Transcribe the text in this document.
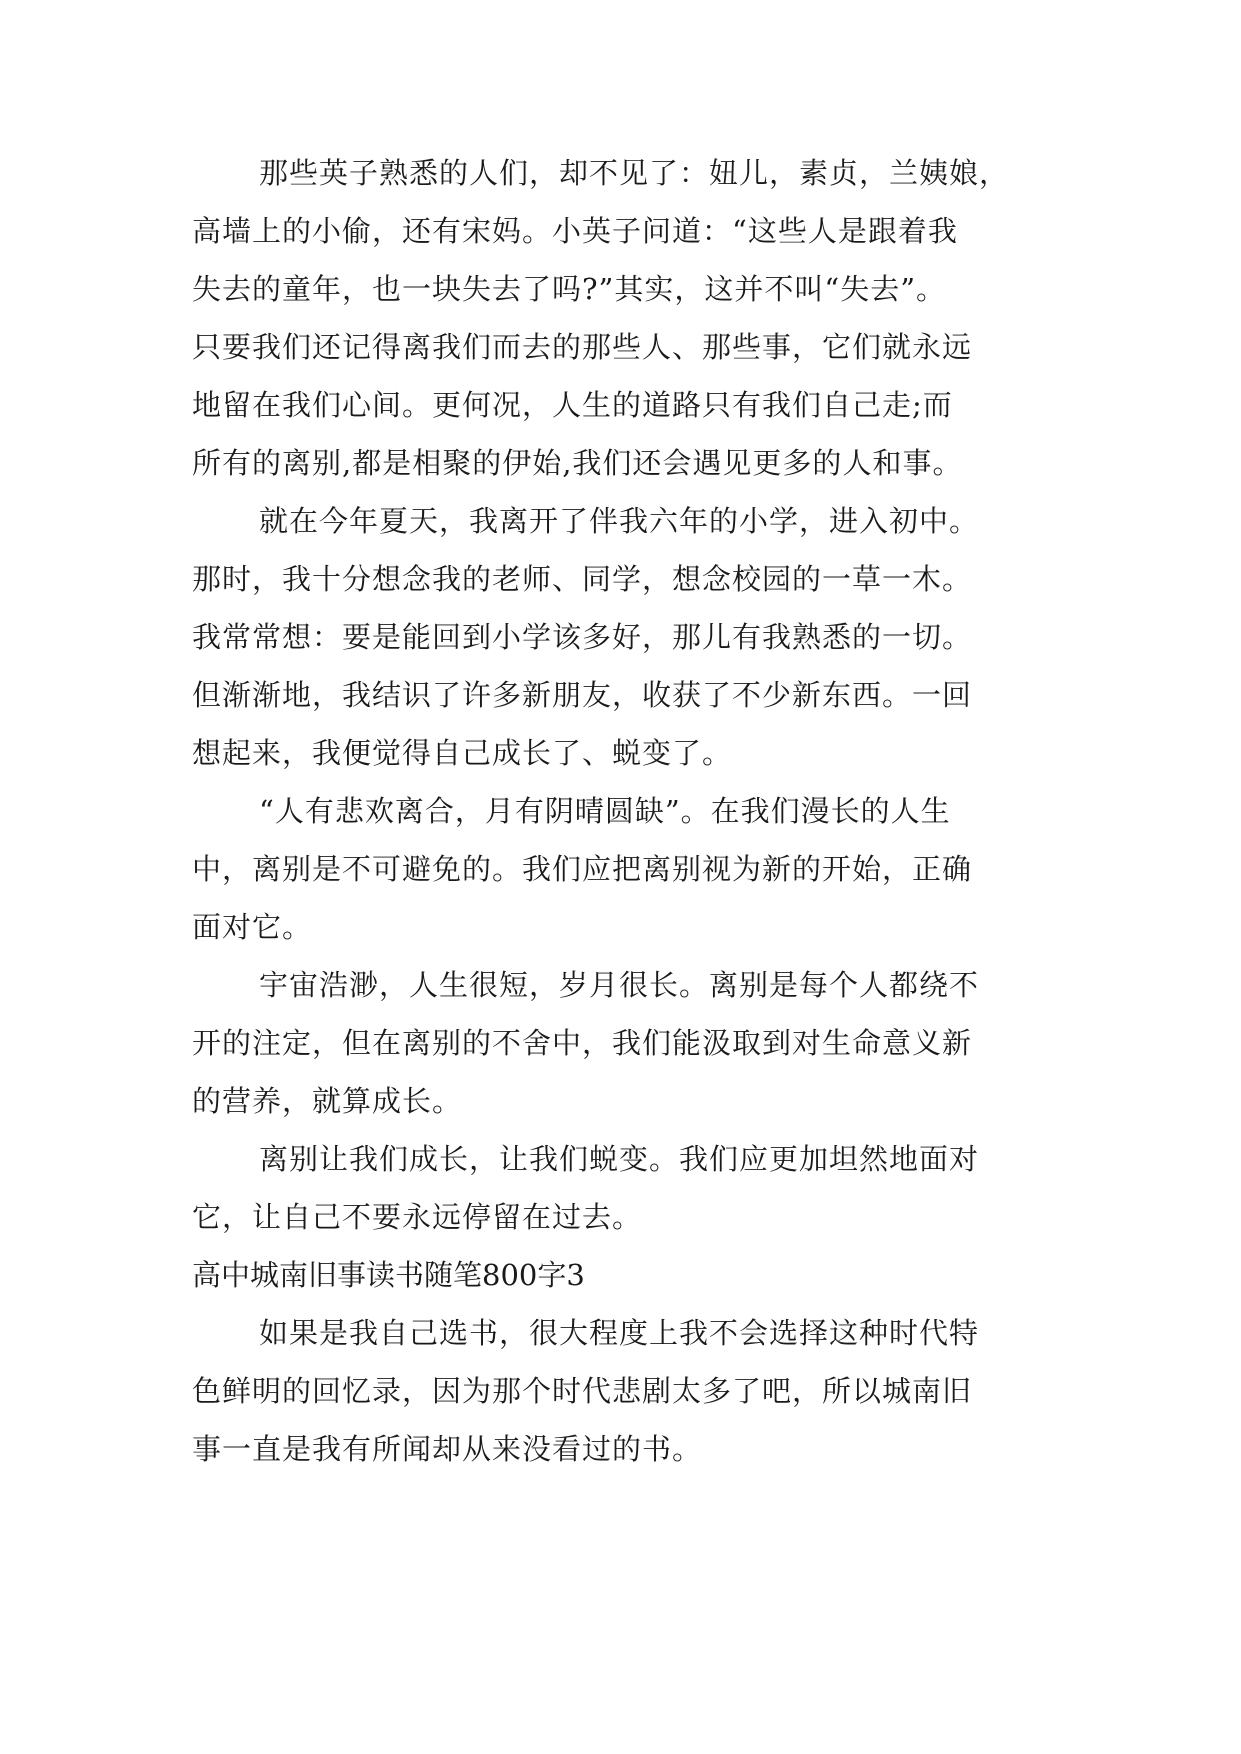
那些英子熟悉的人们，却不见了：妞儿，素贞，兰姨娘，
高墙上的小偷，还有宋妈。小英子问道：“这些人是跟着我
失去的童年，也一块失去了吗?”其实，这并不叫“失去”。
只要我们还记得离我们而去的那些人、那些事，它们就永远
地留在我们心间。更何况，人生的道路只有我们自己走;而
所有的离别,都是相聚的伊始,我们还会遇见更多的人和事。
就在今年夏天，我离开了伴我六年的小学，进入初中。
那时，我十分想念我的老师、同学，想念校园的一草一木。
我常常想：要是能回到小学该多好，那儿有我熟悉的一切。
但渐渐地，我结识了许多新朋友，收获了不少新东西。一回
想起来，我便觉得自己成长了、蜕变了。
“人有悲欢离合，月有阴晴圆缺”。在我们漫长的人生
中，离别是不可避免的。我们应把离别视为新的开始，正确
面对它。
宇宙浩渺，人生很短，岁月很长。离别是每个人都绕不
开的注定，但在离别的不舍中，我们能汲取到对生命意义新
的营养，就算成长。
离别让我们成长，让我们蜕变。我们应更加坦然地面对
它，让自己不要永远停留在过去。
高中城南旧事读书随笔800字3
如果是我自己选书，很大程度上我不会选择这种时代特
色鲜明的回忆录，因为那个时代悲剧太多了吧，所以城南旧
事一直是我有所闻却从来没看过的书。
